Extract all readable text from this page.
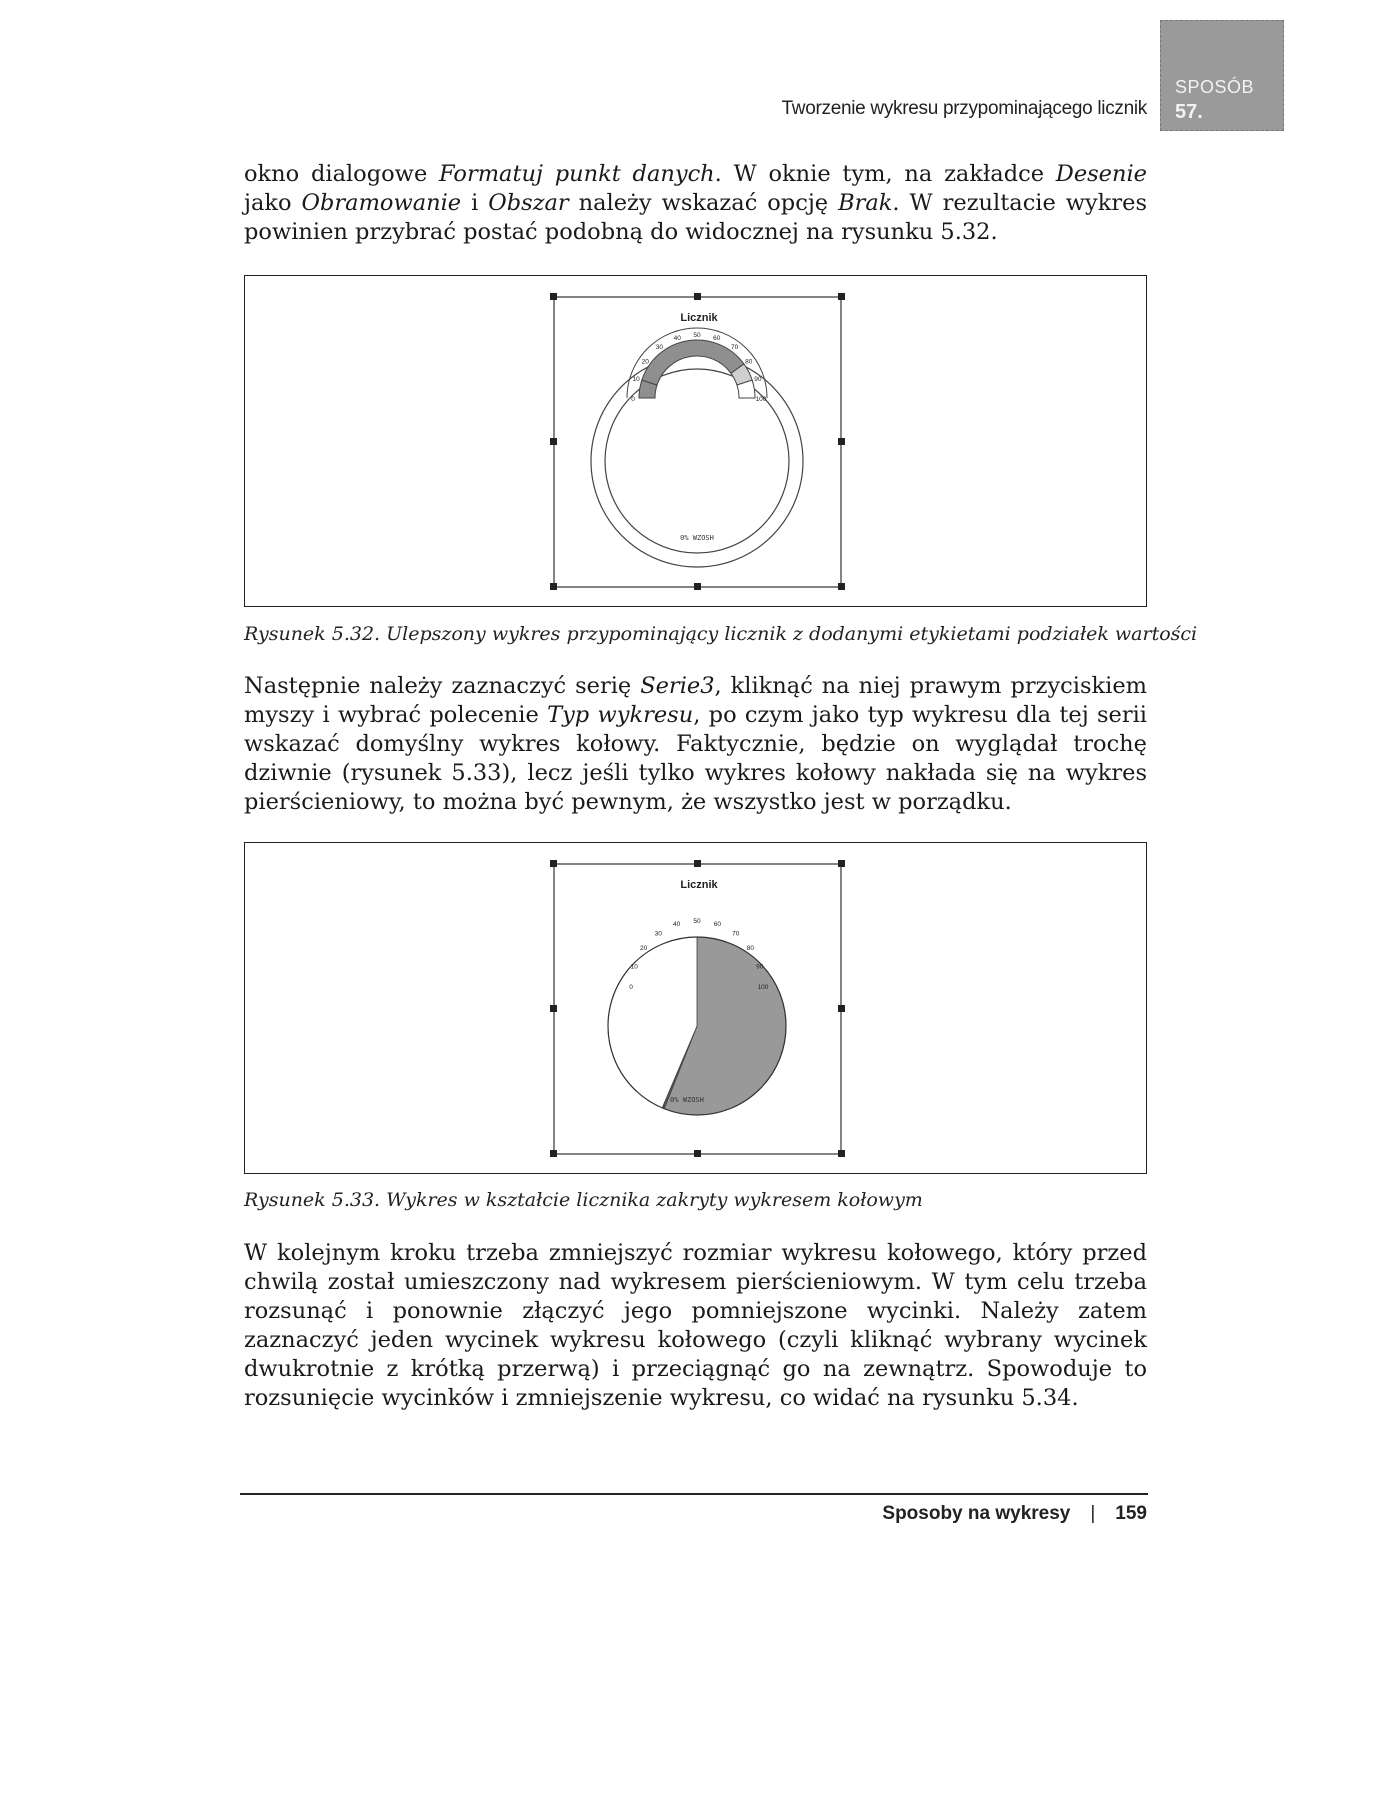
Tworzenie wykresu przypominającego licznik
SPOSÓB
57.

okno dialogowe Formatuj punkt danych. W oknie tym, na zakładce Desenie jako Obramowanie i Obszar należy wskazać opcję Brak. W rezultacie wykres powinien przybrać postać podobną do widocznej na rysunku 5.32.

Licznik
0
10
20
30
40 50 60
70
80
90
100
0% WZOSH
Rysunek 5.32. Ulepszony wykres przypominający licznik z dodanymi etykietami podziałek wartości

Następnie należy zaznaczyć serię Serie3, kliknąć na niej prawym przyciskiem myszy i wybrać polecenie Typ wykresu, po czym jako typ wykresu dla tej serii wskazać domyślny wykres kołowy. Faktycznie, będzie on wyglądał trochę dziwnie (rysunek 5.33), lecz jeśli tylko wykres kołowy nakłada się na wykres pierścieniowy, to można być pewnym, że wszystko jest w porządku.

Licznik
0
10
20
30
40 50 60
70
80
90
100
0% WZOSH
Rysunek 5.33. Wykres w kształcie licznika zakryty wykresem kołowym

W kolejnym kroku trzeba zmniejszyć rozmiar wykresu kołowego, który przed chwilą został umieszczony nad wykresem pierścieniowym. W tym celu trzeba rozsunąć i ponownie złączyć jego pomniejszone wycinki. Należy zatem zaznaczyć jeden wycinek wykresu kołowego (czyli kliknąć wybrany wycinek dwukrotnie z krótką przerwą) i przeciągnąć go na zewnątrz. Spowoduje to rozsunięcie wycinków i zmniejszenie wykresu, co widać na rysunku 5.34.

Sposoby na wykresy | 159
